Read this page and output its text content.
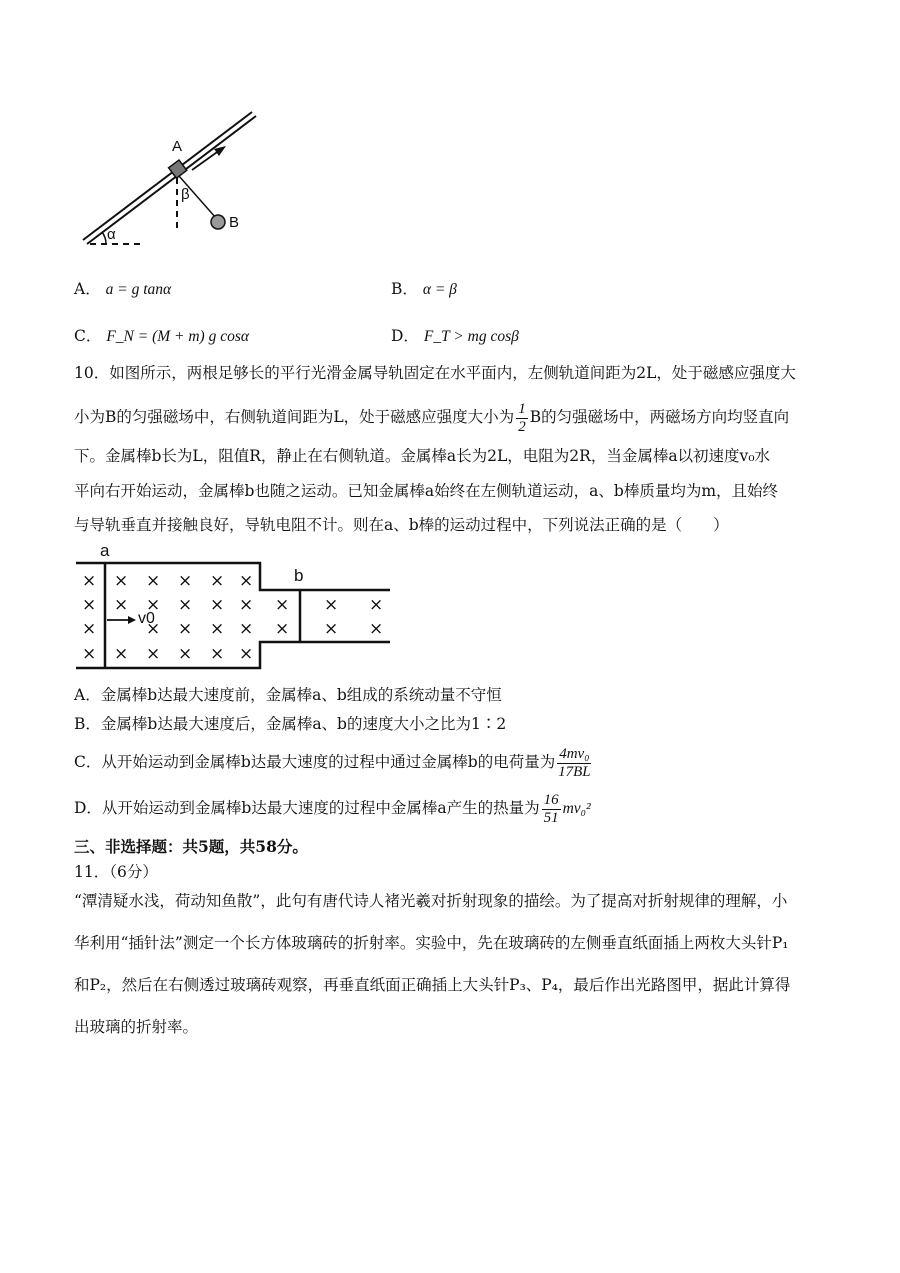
A
B
α
β
A． a = g tanα	B． α = β
C． F_N = (M + m) g cosα	D． F_T > mg cosβ
10．如图所示，两根足够长的平行光滑金属导轨固定在水平面内，左侧轨道间距为2L，处于磁感应强度大
小为B的匀强磁场中，右侧轨道间距为L，处于磁感应强度大小为 $\frac{1}{2}$ B的匀强磁场中，两磁场方向均竖直向
下。金属棒b长为L，阻值R，静止在右侧轨道。金属棒a长为2L，电阻为2R，当金属棒a以初速度v₀水
平向右开始运动，金属棒b也随之运动。已知金属棒a始终在左侧轨道运动，a、b棒质量均为m，且始终
与导轨垂直并接触良好，导轨电阻不计。则在a、b棒的运动过程中，下列说法正确的是（　　）
a
b
v0
× × × × × ×
× × × × × ×
×	× × × ×
× × × × × ×
×
×
× ×
× ×
A．金属棒b达最大速度前，金属棒a、b组成的系统动量不守恒
B．金属棒b达最大速度后，金属棒a、b的速度大小之比为1∶2
C．从开始运动到金属棒b达最大速度的过程中通过金属棒b的电荷量为 $\frac{\text{4mv₀}}{17BL}$
D．从开始运动到金属棒b达最大速度的过程中金属棒a产生的热量为 $\frac{16}{51} mv_0^2$
三、非选择题：共5题，共58分。
11．（6分）
“潭清疑水浅，荷动知鱼散”，此句有唐代诗人褚光羲对折射现象的描绘。为了提高对折射规律的理解，小
华利用“插针法”测定一个长方体玻璃砖的折射率。实验中，先在玻璃砖的左侧垂直纸面插上两枚大头针P₁
和P₂，然后在右侧透过玻璃砖观察，再垂直纸面正确插上大头针P₃、P₄，最后作出光路图甲，据此计算得
出玻璃的折射率。
